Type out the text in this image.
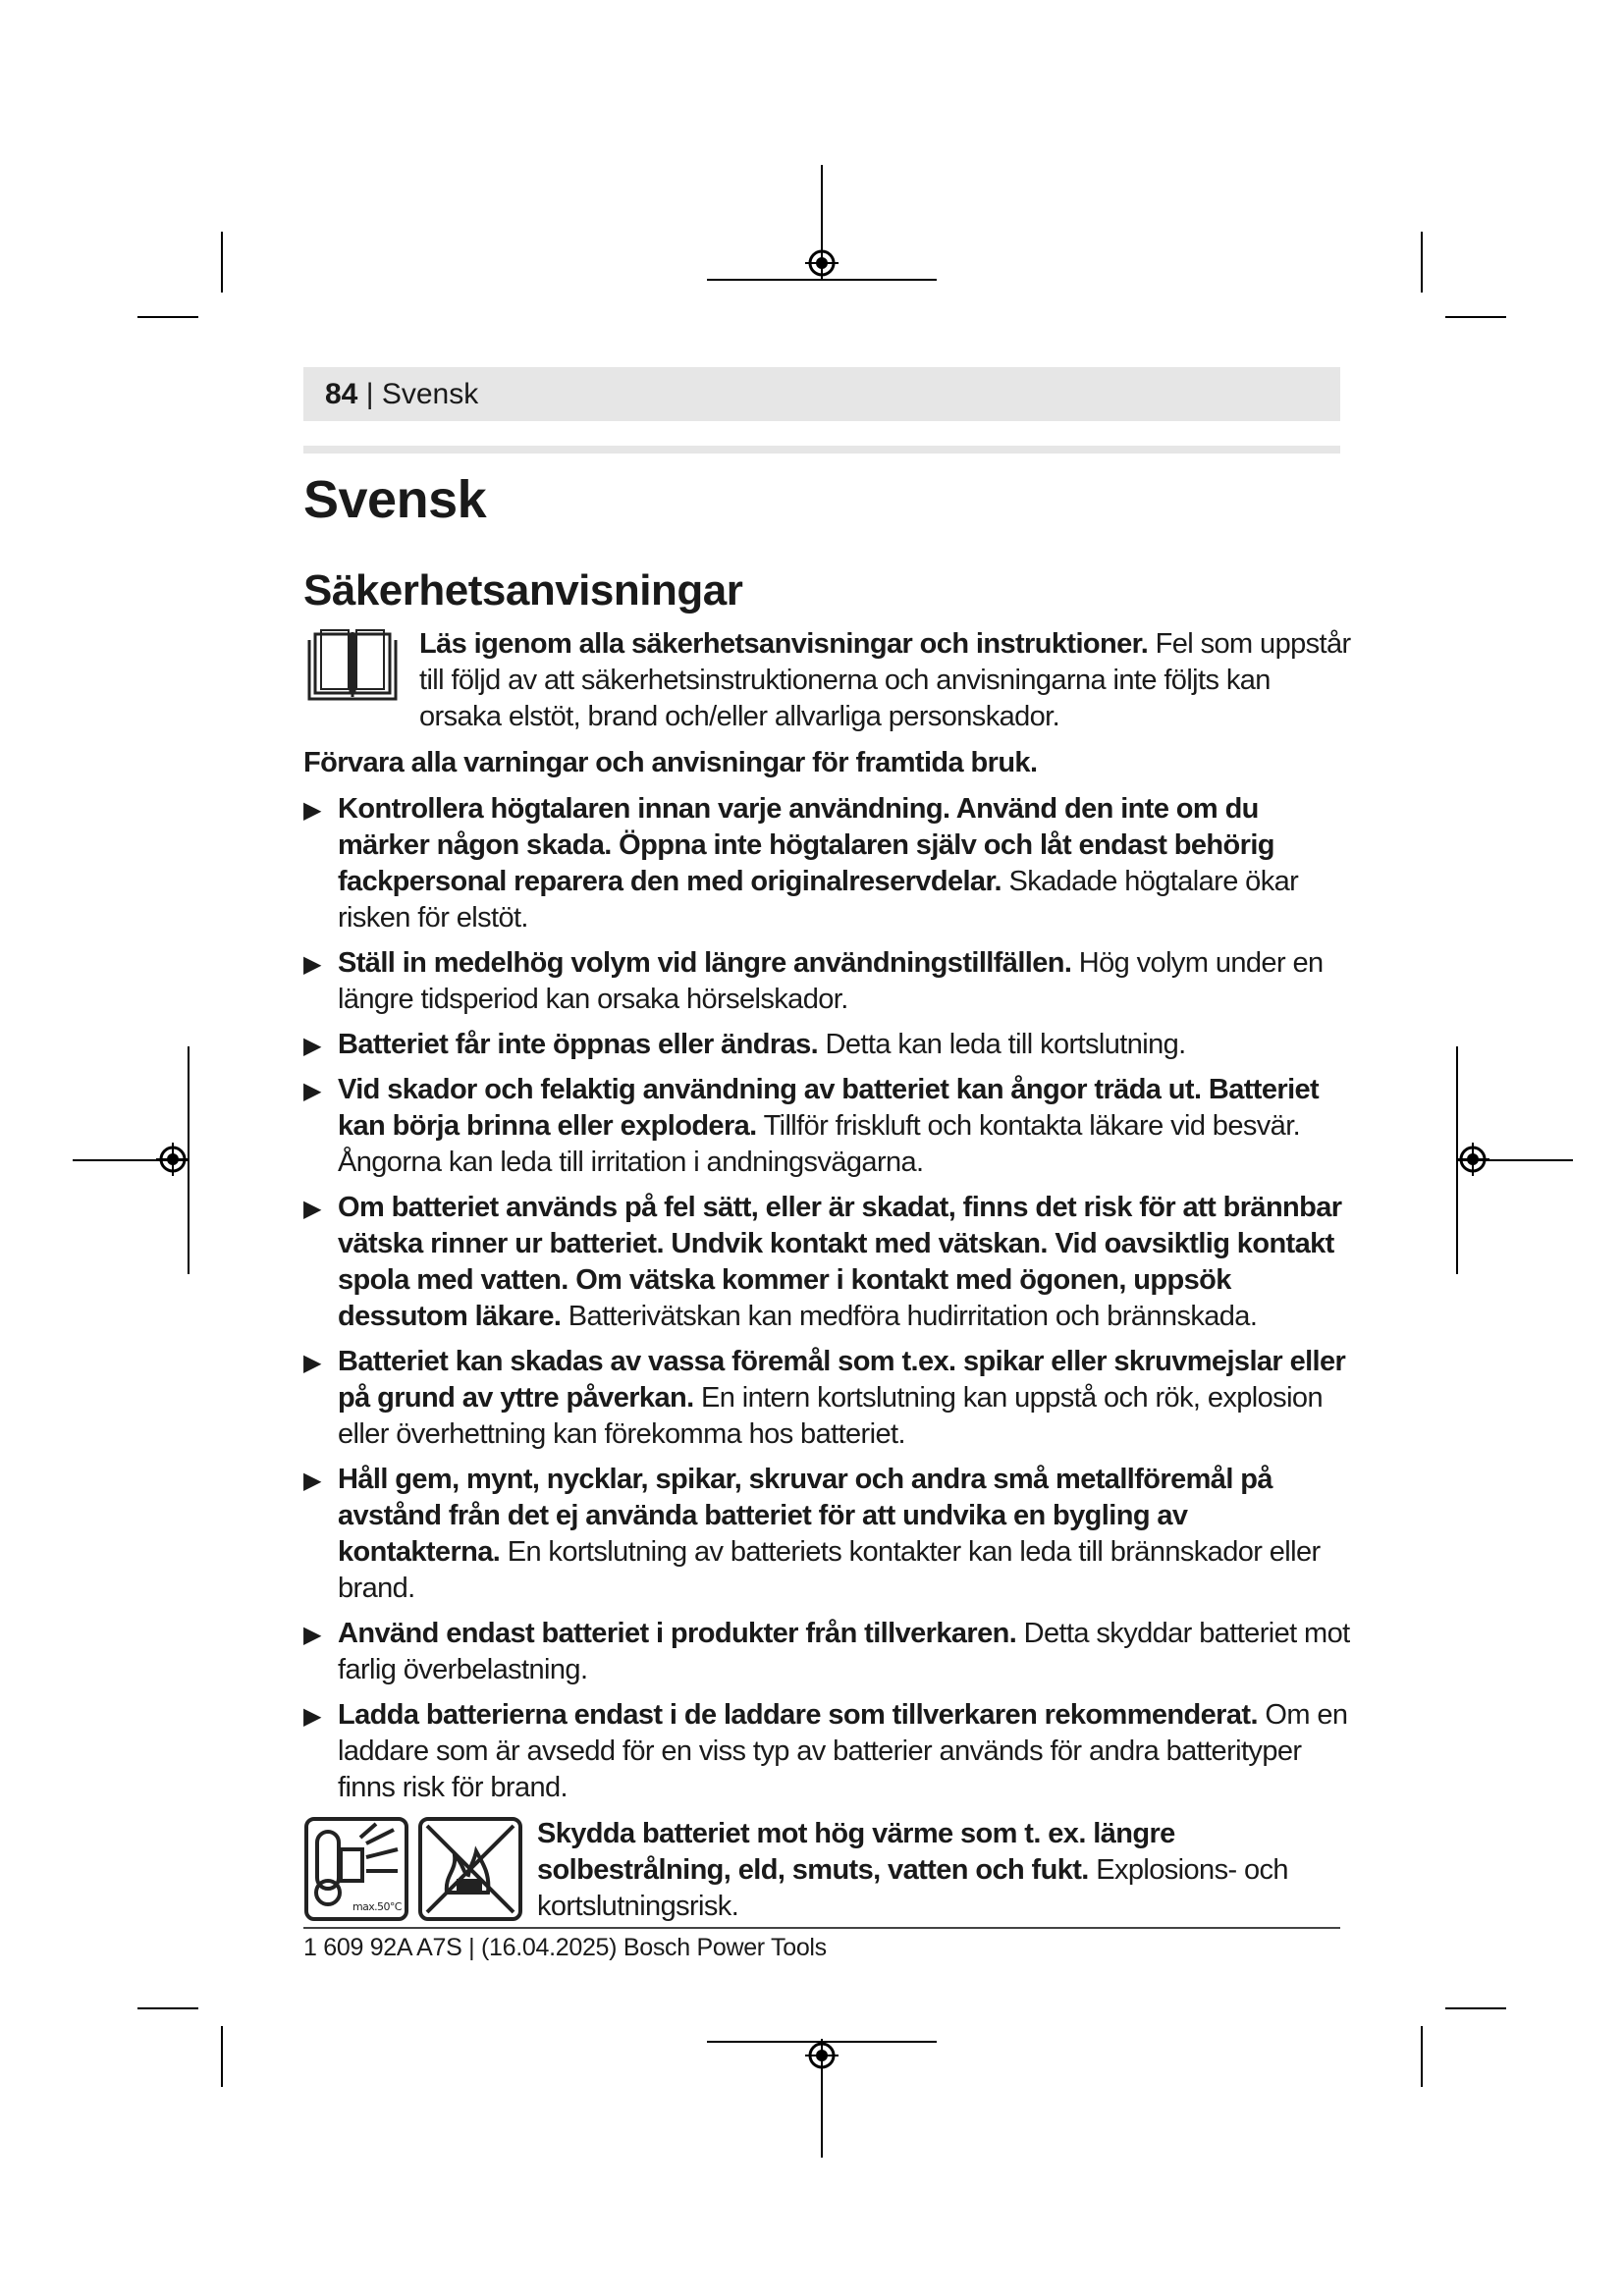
84 | Svensk
Svensk
Säkerhetsanvisningar
Läs igenom alla säkerhetsanvisningar och instruktioner. Fel som uppstår till följd av att säkerhetsinstruktionerna och anvisningarna inte följts kan orsaka elstöt, brand och/eller allvarliga personskador.
Förvara alla varningar och anvisningar för framtida bruk.
▶ Kontrollera högtalaren innan varje användning. Använd den inte om du märker någon skada. Öppna inte högtalaren själv och låt endast behörig fackpersonal reparera den med originalreservdelar. Skadade högtalare ökar risken för elstöt.
▶ Ställ in medelhög volym vid längre användningstillfällen. Hög volym under en längre tidsperiod kan orsaka hörselskador.
▶ Batteriet får inte öppnas eller ändras. Detta kan leda till kortslutning.
▶ Vid skador och felaktig användning av batteriet kan ångor träda ut. Batteriet kan börja brinna eller explodera. Tillför friskluft och kontakta läkare vid besvär. Ångorna kan leda till irritation i andningsvägarna.
▶ Om batteriet används på fel sätt, eller är skadat, finns det risk för att brännbar vätska rinner ur batteriet. Undvik kontakt med vätskan. Vid oavsiktlig kontakt spola med vatten. Om vätska kommer i kontakt med ögonen, uppsök dessutom läkare. Batterivätskan kan medföra hudirritation och brännskada.
▶ Batteriet kan skadas av vassa föremål som t.ex. spikar eller skruvmejslar eller på grund av yttre påverkan. En intern kortslutning kan uppstå och rök, explosion eller överhettning kan förekomma hos batteriet.
▶ Håll gem, mynt, nycklar, spikar, skruvar och andra små metallföremål på avstånd från det ej använda batteriet för att undvika en bygling av kontakterna. En kortslutning av batteriets kontakter kan leda till brännskador eller brand.
▶ Använd endast batteriet i produkter från tillverkaren. Detta skyddar batteriet mot farlig överbelastning.
▶ Ladda batterierna endast i de laddare som tillverkaren rekommenderat. Om en laddare som är avsedd för en viss typ av batterier används för andra batterityper finns risk för brand.
max.50°C
Skydda batteriet mot hög värme som t. ex. längre solbestrålning, eld, smuts, vatten och fukt. Explosions- och kortslutningsrisk.
1 609 92A A7S | (16.04.2025) Bosch Power Tools
